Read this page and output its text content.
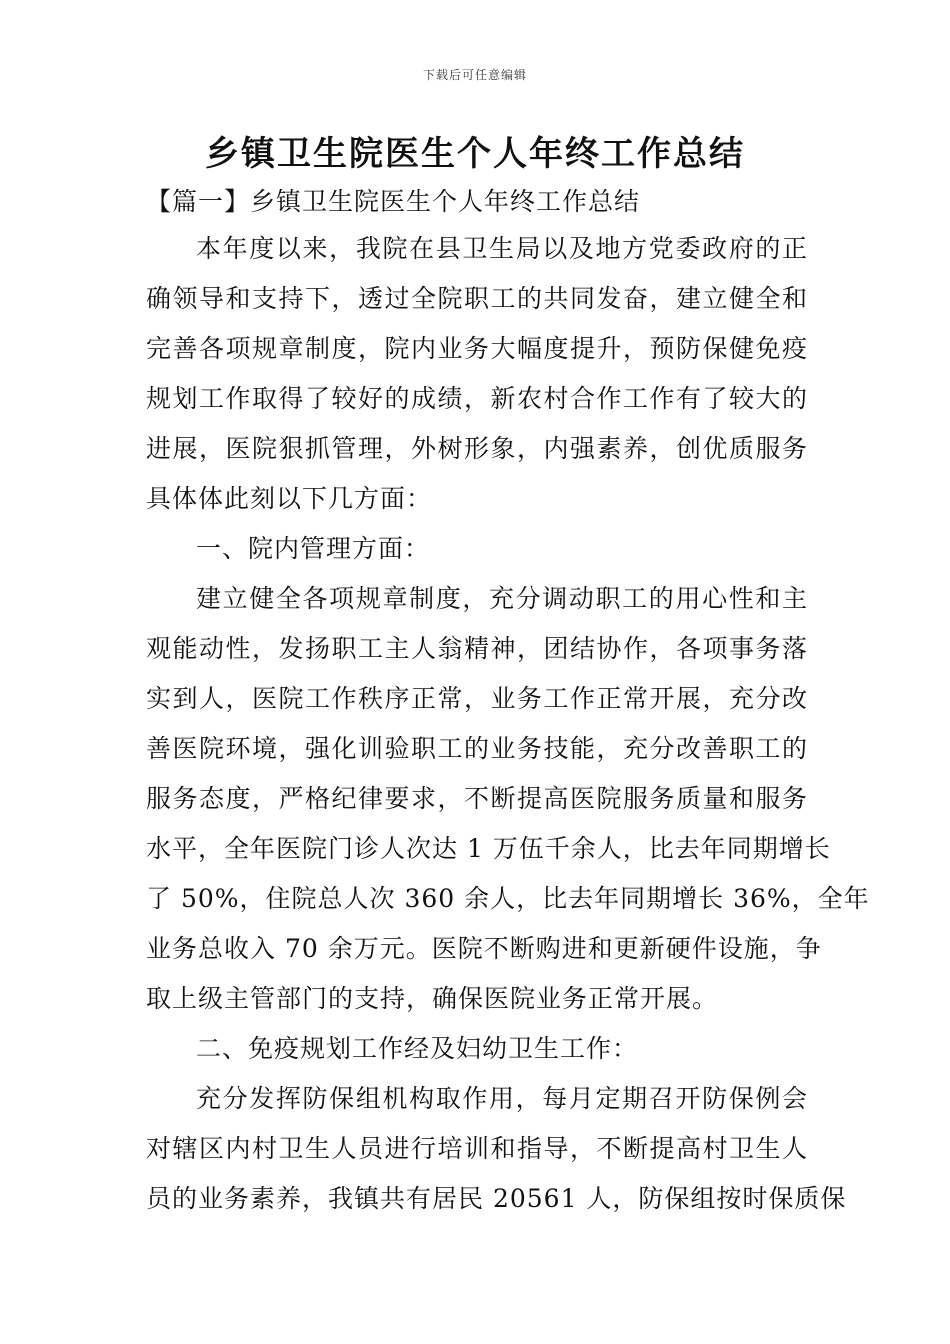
下载后可任意编辑
乡镇卫生院医生个人年终工作总结
【篇一】乡镇卫生院医生个人年终工作总结
本年度以来，我院在县卫生局以及地方党委政府的正
确领导和支持下，透过全院职工的共同发奋，建立健全和
完善各项规章制度，院内业务大幅度提升，预防保健免疫
规划工作取得了较好的成绩，新农村合作工作有了较大的
进展，医院狠抓管理，外树形象，内强素养，创优质服务
具体体此刻以下几方面：
一、院内管理方面：
建立健全各项规章制度，充分调动职工的用心性和主
观能动性，发扬职工主人翁精神，团结协作，各项事务落
实到人，医院工作秩序正常，业务工作正常开展，充分改
善医院环境，强化训验职工的业务技能，充分改善职工的
服务态度，严格纪律要求，不断提高医院服务质量和服务
水平，全年医院门诊人次达 1 万伍千余人，比去年同期增长
了 50%，住院总人次 360 余人，比去年同期增长 36%，全年
业务总收入 70 余万元。医院不断购进和更新硬件设施，争
取上级主管部门的支持，确保医院业务正常开展。
二、免疫规划工作经及妇幼卫生工作：
充分发挥防保组机构取作用，每月定期召开防保例会
对辖区内村卫生人员进行培训和指导，不断提高村卫生人
员的业务素养，我镇共有居民 20561 人，防保组按时保质保
